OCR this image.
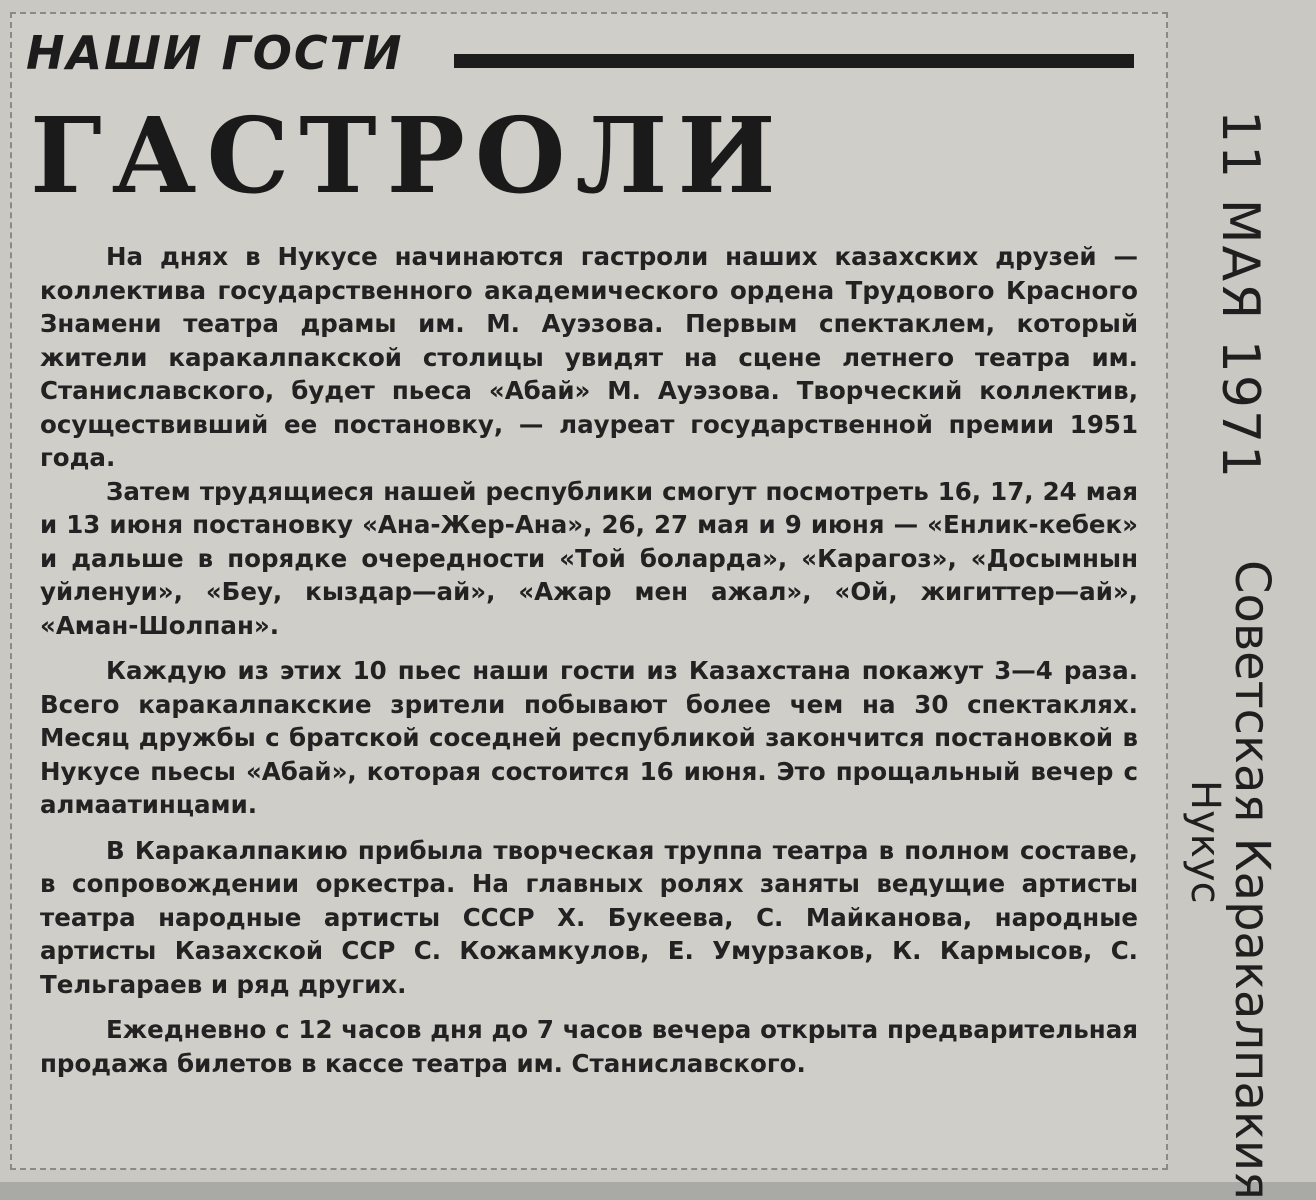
НАШИ ГОСТИ
ГАСТРОЛИ

На днях в Нукусе начинаются гастроли наших казахских друзей — коллектива государственного академического ордена Трудового Красного Знамени театра драмы им. М. Ауэзова. Первым спектаклем, который жители каракалпакской столицы увидят на сцене летнего театра им. Станиславского, будет пьеса «Абай» М. Ауэзова. Творческий коллектив, осуществивший ее постановку, — лауреат государственной премии 1951 года.

Затем трудящиеся нашей республики смогут посмотреть 16, 17, 24 мая и 13 июня постановку «Ана-Жер-Ана», 26, 27 мая и 9 июня — «Енлик-кебек» и дальше в порядке очередности «Той боларда», «Карагоз», «Досымнын уйленуи», «Беу, кыздар—ай», «Ажар мен ажал», «Ой, жигиттер—ай», «Аман-Шолпан».

Каждую из этих 10 пьес наши гости из Казахстана покажут 3—4 раза. Всего каракалпакские зрители побывают более чем на 30 спектаклях. Месяц дружбы с братской соседней республикой закончится постановкой в Нукусе пьесы «Абай», которая состоится 16 июня. Это прощальный вечер с алмаатинцами.

В Каракалпакию прибыла творческая труппа театра в полном составе, в сопровождении оркестра. На главных ролях заняты ведущие артисты театра народные артисты СССР Х. Букеева, С. Майканова, народные артисты Казахской ССР С. Кожамкулов, Е. Умурзаков, К. Кармысов, С. Тельгараев и ряд других.

Ежедневно с 12 часов дня до 7 часов вечера открыта предварительная продажа билетов в кассе театра им. Станиславского.

11 МАЯ 1971
Советская Каракалпакия
Нукус
